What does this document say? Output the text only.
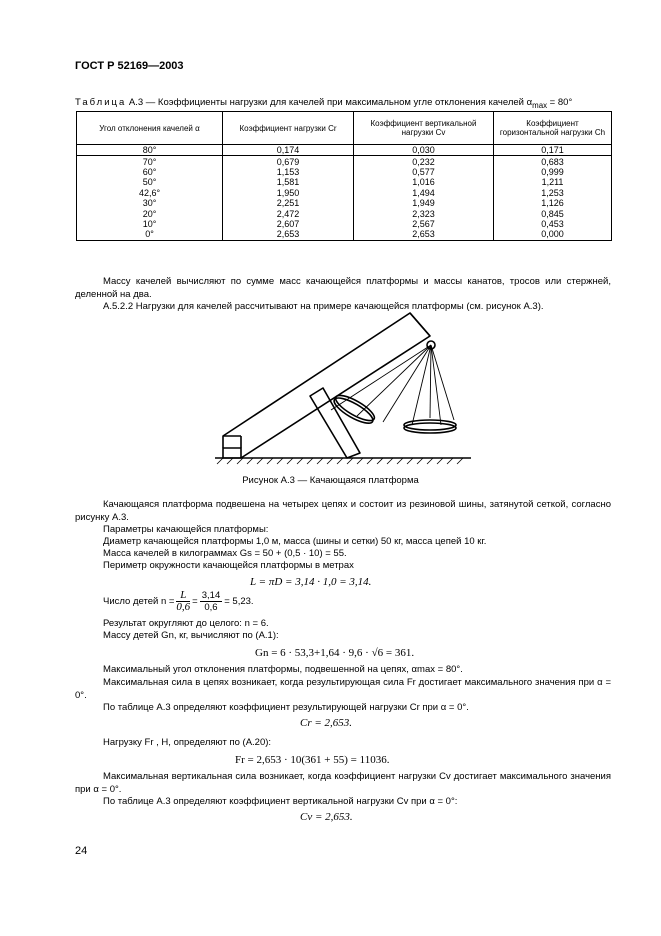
ГОСТ Р 52169—2003
Таблица А.3 — Коэффициенты нагрузки для качелей при максимальном угле отклонения качелей $\alpha_{max} = 80^\circ$
Угол отклонения качелей α	Коэффициент нагрузки Cr	Коэффициент вертикальной нагрузки Cv	Коэффициент горизонтальной нагрузки Ch
80°	0,174	0,030	0,171
70°	0,679	0,232	0,683
60°	1,153	0,577	0,999
50°	1,581	1,016	1,211
42,6°	1,950	1,494	1,253
30°	2,251	1,949	1,126
20°	2,472	2,323	0,845
10°	2,607	2,567	0,453
0°	2,653	2,653	0,000
Массу качелей вычисляют по сумме масс качающейся платформы и массы канатов, тросов или стержней, деленной на два.
А.5.2.2 Нагрузки для качелей рассчитывают на примере качающейся платформы (см. рисунок А.3).
Рисунок А.3 — Качающаяся платформа
Качающаяся платформа подвешена на четырех цепях и состоит из резиновой шины, затянутой сеткой, согласно рисунку А.3.
Параметры качающейся платформы:
Диаметр качающейся платформы 1,0 м, масса (шины и сетки) 50 кг, масса цепей 10 кг.
Масса качелей в килограммах Gs = 50 + (0,5 · 10) = 55.
Периметр окружности качающейся платформы в метрах
L = πD = 3,14 · 1,0 = 3,14.
Число детей $n = \frac{L}{0,6} = \frac{3,14}{0,6} = 5,23$.
Результат округляют до целого: n = 6.
Массу детей Gn, кг, вычисляют по (А.1):
Gn = 6 · 53,3+1,64 · 9,6 · √6 = 361.
Максимальный угол отклонения платформы, подвешенной на цепях, αmax = 80°.
Максимальная сила в цепях возникает, когда результирующая сила Fr достигает максимального значения при α = 0°.
По таблице А.3 определяют коэффициент результирующей нагрузки Cr при α = 0°.
Cr = 2,653.
Нагрузку Fr , Н, определяют по (А.20):
Fr = 2,653 · 10(361 + 55) = 11036.
Максимальная вертикальная сила возникает, когда коэффициент нагрузки Cv достигает максимального значения при α = 0°.
По таблице А.3 определяют коэффициент вертикальной нагрузки Cv при α = 0°:
Cv = 2,653.
24
